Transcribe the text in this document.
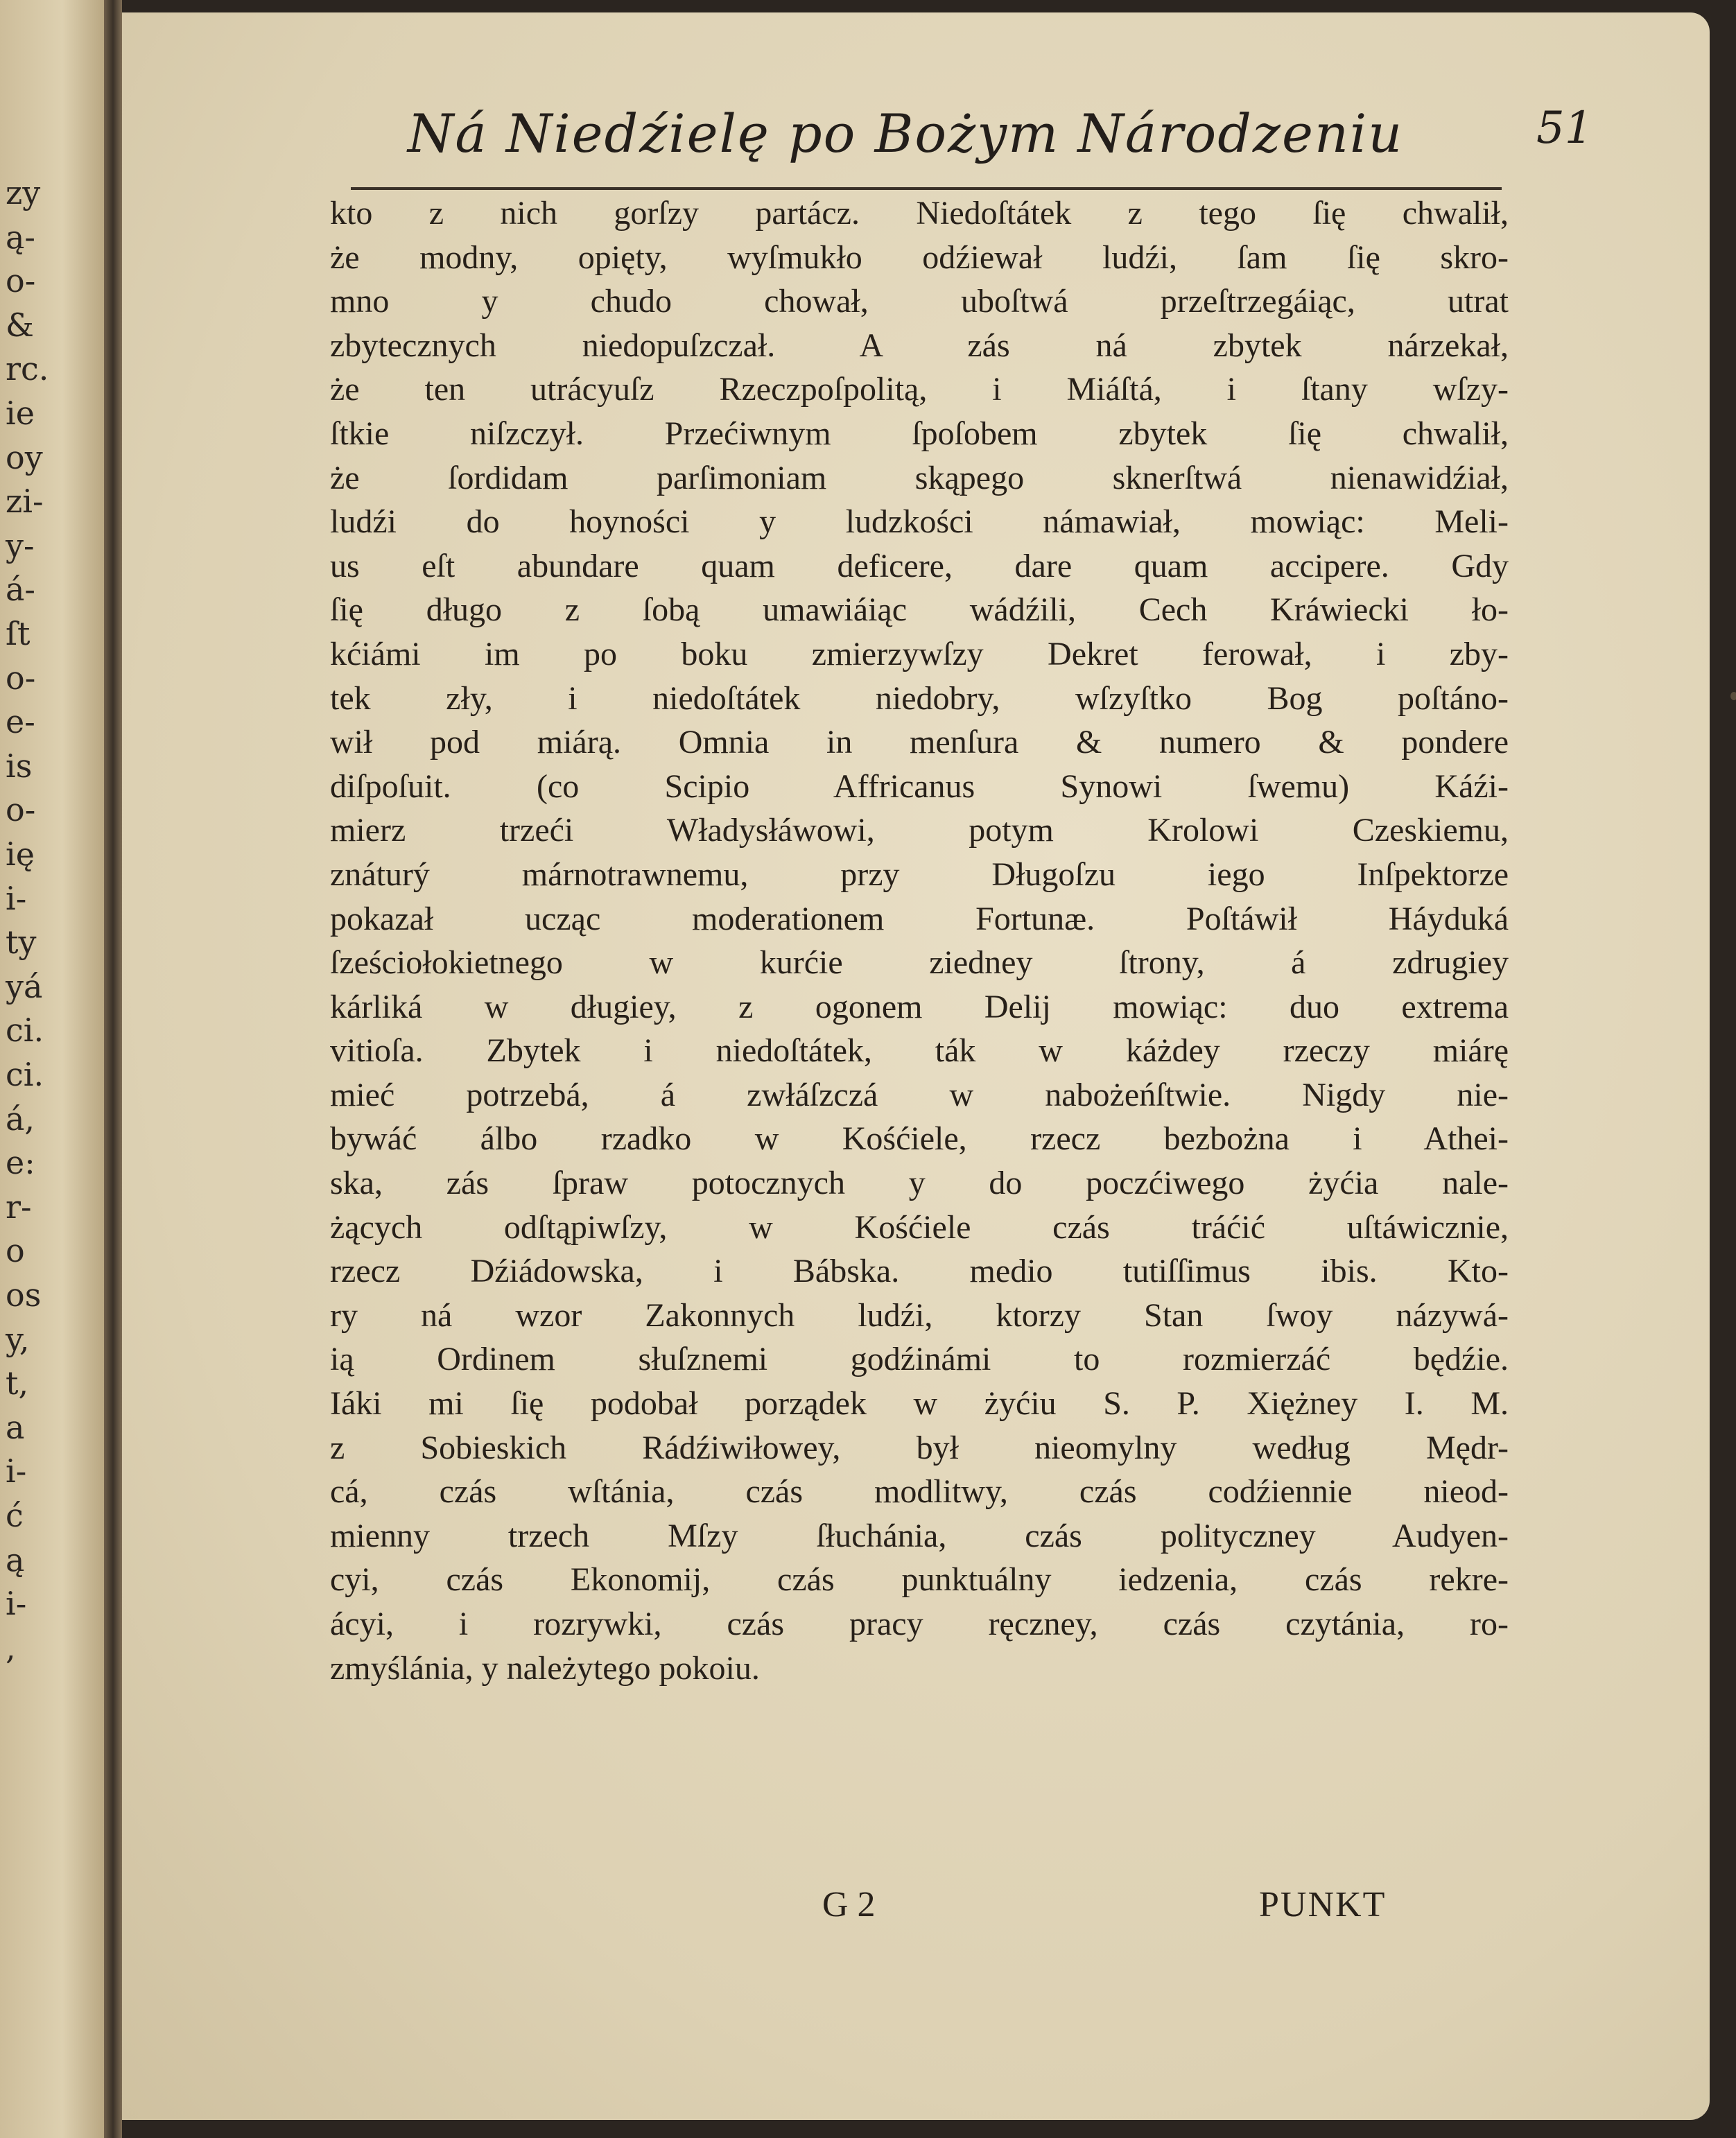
zy
ą-
o-
&
rc.
ie
oy
zi-
y-
á-
ſt
o-
e-
is
o-
ię
i-
ty
yá
ci.
ci.
á,
e:
r-
o
os
y,
t,
a
i-
ć
ą
i-
,
Ná Niedźielę po Bożym Národzeniu	51
kto z nich gorſzy partácz. Niedoſtátek z tego ſię chwalił,
że modny, opięty, wyſmukło odźiewał ludźi, ſam ſię skro-
mno y chudo chował, uboſtwá przeſtrzegáiąc, utrat
zbytecznych niedopuſzczał. A zás ná zbytek nárzekał,
że ten utrácyuſz Rzeczpoſpolitą, i Miáſtá, i ſtany wſzy-
ſtkie niſzczył. Przećiwnym ſpoſobem zbytek ſię chwalił,
że ſordidam parſimoniam skąpego sknerſtwá nienawidźiał,
ludźi do hoyności y ludzkości námawiał, mowiąc: Meli-
us eſt abundare quam deficere, dare quam accipere. Gdy
ſię długo z ſobą umawiáiąc wádźili, Cech Kráwiecki ło-
kćiámi im po boku zmierzywſzy Dekret ferował, i zby-
tek zły, i niedoſtátek niedobry, wſzyſtko Bog poſtáno-
wił pod miárą. Omnia in menſura & numero & pondere
diſpoſuit. (co Scipio Affricanus Synowi ſwemu) Káźi-
mierz trzeći Władysłáwowi, potym Krolowi Czeskiemu,
znáturý márnotrawnemu, przy Długoſzu iego Inſpektorze
pokazał ucząc moderationem Fortunæ. Poſtáwił Háyduká
ſześciołokietnego w kurćie ziedney ſtrony, á zdrugiey
kárliká w długiey, z ogonem Delij mowiąc: duo extrema
vitioſa. Zbytek i niedoſtátek, ták w káżdey rzeczy miárę
mieć potrzebá, á zwłáſzczá w nabożeńſtwie. Nigdy nie-
bywáć álbo rzadko w Kośćiele, rzecz bezbożna i Athei-
ska, zás ſpraw potocznych y do poczćiwego żyćia nale-
żących odſtąpiwſzy, w Kośćiele czás tráćić uſtáwicznie,
rzecz Dźiádowska, i Bábska. medio tutiſſimus ibis. Kto-
ry ná wzor Zakonnych ludźi, ktorzy Stan ſwoy názywá-
ią Ordinem słuſznemi godźinámi to rozmierzáć będźie.
Iáki mi ſię podobał porządek w żyćiu S. P. Xiężney I. M.
z Sobieskich Rádźiwiłowey, był nieomylny według Mędr-
cá, czás wſtánia, czás modlitwy, czás codźiennie nieod-
mienny trzech Mſzy ſłuchánia, czás polityczney Audyen-
cyi, czás Ekonomij, czás punktuálny iedzenia, czás rekre-
ácyi, i rozrywki, czás pracy ręczney, czás czytánia, ro-
zmyślánia, y należytego pokoiu.
G 2	PUNKT
